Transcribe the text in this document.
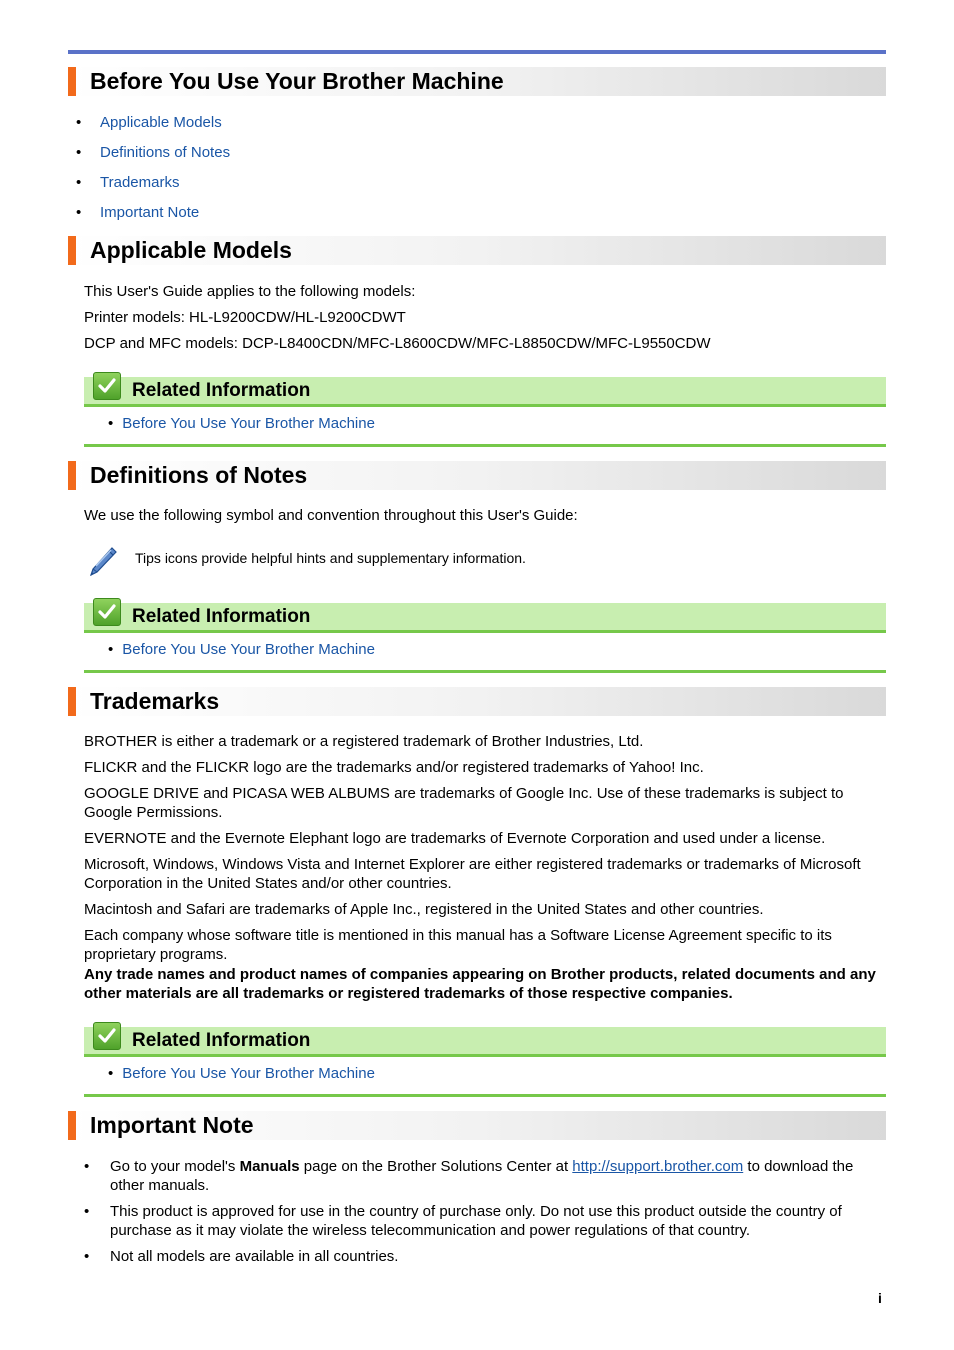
Before You Use Your Brother Machine
• Applicable Models
• Definitions of Notes
• Trademarks
• Important Note
Applicable Models
This User's Guide applies to the following models:
Printer models: HL-L9200CDW/HL-L9200CDWT
DCP and MFC models: DCP-L8400CDN/MFC-L8600CDW/MFC-L8850CDW/MFC-L9550CDW
Related Information
• Before You Use Your Brother Machine
Definitions of Notes
We use the following symbol and convention throughout this User's Guide:
Tips icons provide helpful hints and supplementary information.
Related Information
• Before You Use Your Brother Machine
Trademarks
BROTHER is either a trademark or a registered trademark of Brother Industries, Ltd.
FLICKR and the FLICKR logo are the trademarks and/or registered trademarks of Yahoo! Inc.
GOOGLE DRIVE and PICASA WEB ALBUMS are trademarks of Google Inc. Use of these trademarks is subject to Google Permissions.
EVERNOTE and the Evernote Elephant logo are trademarks of Evernote Corporation and used under a license.
Microsoft, Windows, Windows Vista and Internet Explorer are either registered trademarks or trademarks of Microsoft Corporation in the United States and/or other countries.
Macintosh and Safari are trademarks of Apple Inc., registered in the United States and other countries.
Each company whose software title is mentioned in this manual has a Software License Agreement specific to its proprietary programs.
Any trade names and product names of companies appearing on Brother products, related documents and any other materials are all trademarks or registered trademarks of those respective companies.
Related Information
• Before You Use Your Brother Machine
Important Note
• Go to your model's Manuals page on the Brother Solutions Center at http://support.brother.com to download the other manuals.
• This product is approved for use in the country of purchase only. Do not use this product outside the country of purchase as it may violate the wireless telecommunication and power regulations of that country.
• Not all models are available in all countries.
i
